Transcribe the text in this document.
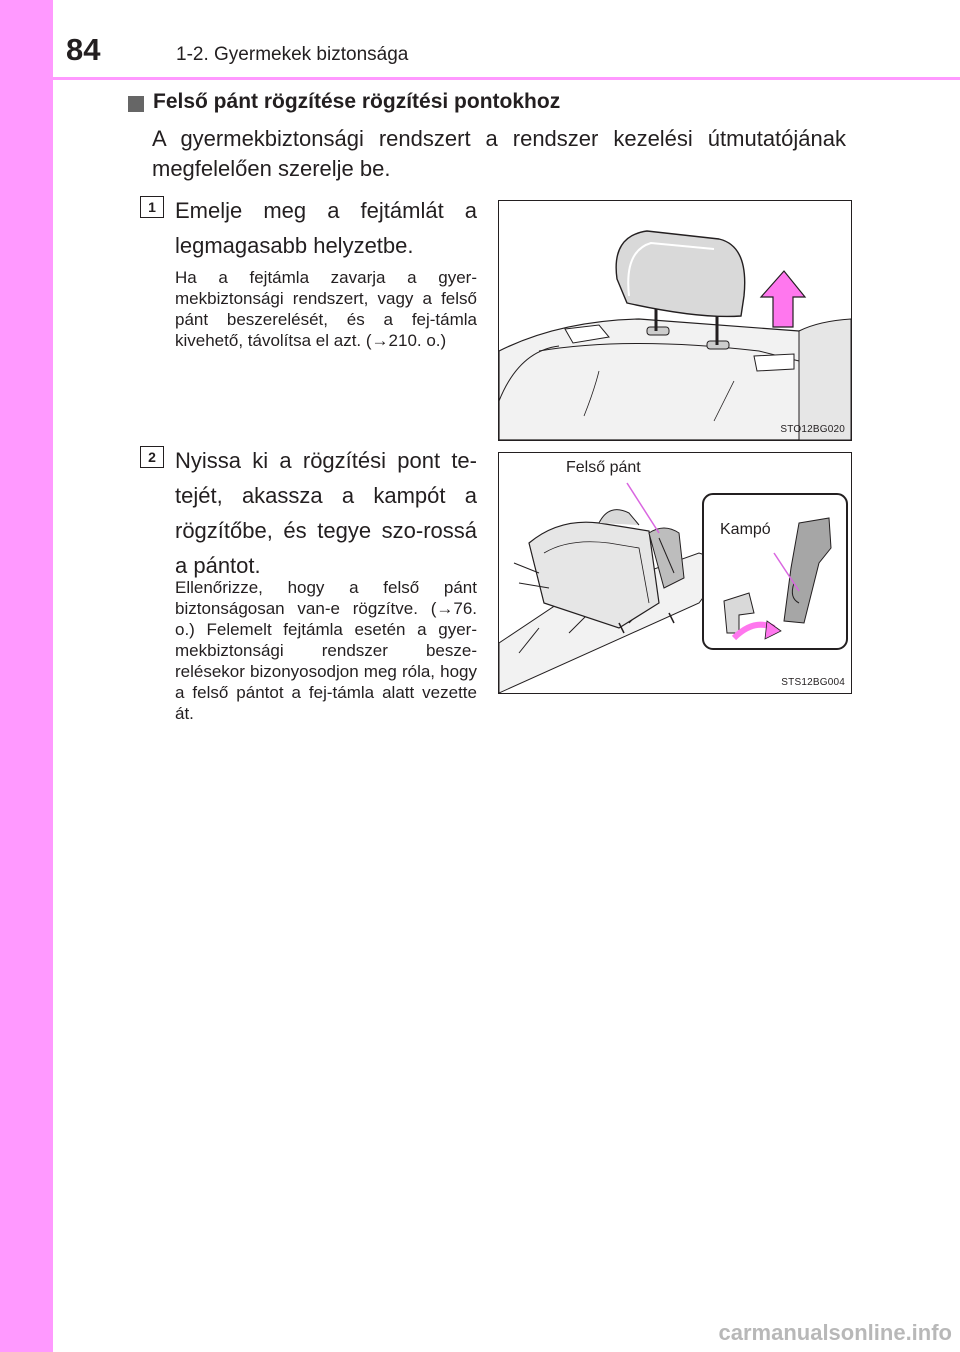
84	1-2. Gyermekek biztonsága
Felső pánt rögzítése rögzítési pontokhoz

A gyermekbiztonsági rendszert a rendszer kezelési útmutatójának megfelelően szerelje be.

1 Emelje meg a fejtámlát a legmagasabb helyzetbe.

Ha a fejtámla zavarja a gyer-mekbiztonsági rendszert, vagy a felső pánt beszerelését, és a fej-támla kivehető, távolítsa el azt. (→210. o.)

STO12BG020
2 Nyissa ki a rögzítési pont te-tejét, akassza a kampót a rögzítőbe, és tegye szo-rossá a pántot.

Ellenőrizze, hogy a felső pánt biztonságosan van-e rögzítve. (→76. o.) Felemelt fejtámla esetén a gyer-mekbiztonsági rendszer besze-relésekor bizonyosodjon meg róla, hogy a felső pántot a fej-támla alatt vezette át.

Felső pánt
Kampó
STS12BG004
carmanualsonline.info
